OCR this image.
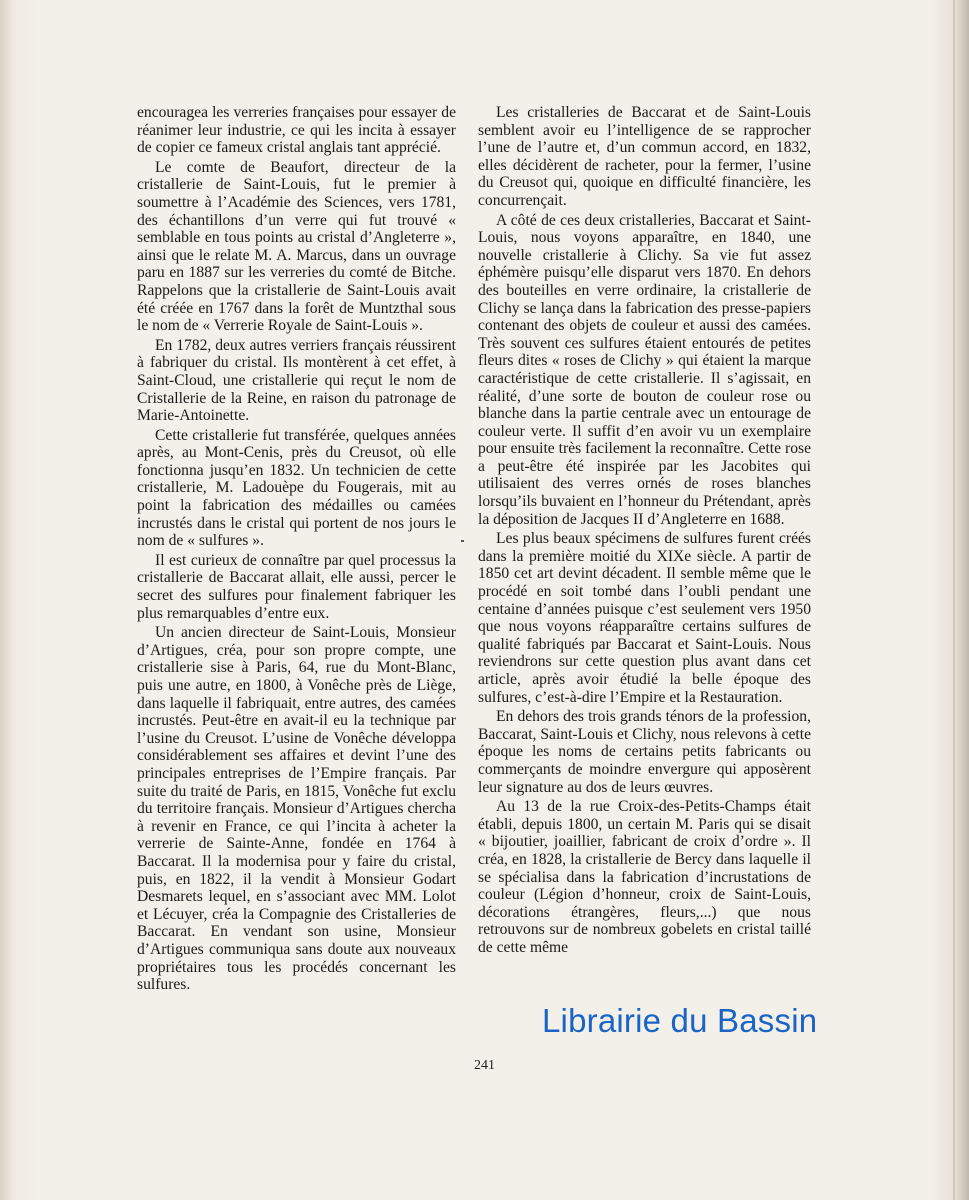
encouragea les verreries françaises pour essayer de réanimer leur industrie, ce qui les incita à essayer de copier ce fameux cristal anglais tant apprécié.

Le comte de Beaufort, directeur de la cristallerie de Saint-Louis, fut le premier à soumettre à l’Académie des Sciences, vers 1781, des échantillons d’un verre qui fut trouvé « semblable en tous points au cristal d’Angleterre », ainsi que le relate M. A. Marcus, dans un ouvrage paru en 1887 sur les verreries du comté de Bitche. Rappelons que la cristallerie de Saint-Louis avait été créée en 1767 dans la forêt de Muntzthal sous le nom de « Verrerie Royale de Saint-Louis ».

En 1782, deux autres verriers français réussirent à fabriquer du cristal. Ils montèrent à cet effet, à Saint-Cloud, une cristallerie qui reçut le nom de Cristallerie de la Reine, en raison du patronage de Marie-Antoinette.

Cette cristallerie fut transférée, quelques années après, au Mont-Cenis, près du Creusot, où elle fonctionna jusqu’en 1832. Un technicien de cette cristallerie, M. Ladouèpe du Fougerais, mit au point la fabrication des médailles ou camées incrustés dans le cristal qui portent de nos jours le nom de « sulfures ».

Il est curieux de connaître par quel processus la cristallerie de Baccarat allait, elle aussi, percer le secret des sulfures pour finalement fabriquer les plus remarquables d’entre eux.

Un ancien directeur de Saint-Louis, Monsieur d’Artigues, créa, pour son propre compte, une cristallerie sise à Paris, 64, rue du Mont-Blanc, puis une autre, en 1800, à Vonêche près de Liège, dans laquelle il fabriquait, entre autres, des camées incrustés. Peut-être en avait-il eu la technique par l’usine du Creusot. L’usine de Vonêche développa considérablement ses affaires et devint l’une des principales entreprises de l’Empire français. Par suite du traité de Paris, en 1815, Vonêche fut exclu du territoire français. Monsieur d’Artigues chercha à revenir en France, ce qui l’incita à acheter la verrerie de Sainte-Anne, fondée en 1764 à Baccarat. Il la modernisa pour y faire du cristal, puis, en 1822, il la vendit à Monsieur Godart Desmarets lequel, en s’associant avec MM. Lolot et Lécuyer, créa la Compagnie des Cristalleries de Baccarat. En vendant son usine, Monsieur d’Artigues communiqua sans doute aux nouveaux propriétaires tous les procédés concernant les sulfures.

Les cristalleries de Baccarat et de Saint-Louis semblent avoir eu l’intelligence de se rapprocher l’une de l’autre et, d’un commun accord, en 1832, elles décidèrent de racheter, pour la fermer, l’usine du Creusot qui, quoique en difficulté financière, les concurrençait.

A côté de ces deux cristalleries, Baccarat et Saint-Louis, nous voyons apparaître, en 1840, une nouvelle cristallerie à Clichy. Sa vie fut assez éphémère puisqu’elle disparut vers 1870. En dehors des bouteilles en verre ordinaire, la cristallerie de Clichy se lança dans la fabrication des presse-papiers contenant des objets de couleur et aussi des camées. Très souvent ces sulfures étaient entourés de petites fleurs dites « roses de Clichy » qui étaient la marque caractéristique de cette cristallerie. Il s’agissait, en réalité, d’une sorte de bouton de couleur rose ou blanche dans la partie centrale avec un entourage de couleur verte. Il suffit d’en avoir vu un exemplaire pour ensuite très facilement la reconnaître. Cette rose a peut-être été inspirée par les Jacobites qui utilisaient des verres ornés de roses blanches lorsqu’ils buvaient en l’honneur du Prétendant, après la déposition de Jacques II d’Angleterre en 1688.

Les plus beaux spécimens de sulfures furent créés dans la première moitié du XIXe siècle. A partir de 1850 cet art devint décadent. Il semble même que le procédé en soit tombé dans l’oubli pendant une centaine d’années puisque c’est seulement vers 1950 que nous voyons réapparaître certains sulfures de qualité fabriqués par Baccarat et Saint-Louis. Nous reviendrons sur cette question plus avant dans cet article, après avoir étudié la belle époque des sulfures, c’est-à-dire l’Empire et la Restauration.

En dehors des trois grands ténors de la profession, Baccarat, Saint-Louis et Clichy, nous relevons à cette époque les noms de certains petits fabricants ou commerçants de moindre envergure qui apposèrent leur signature au dos de leurs œuvres.

Au 13 de la rue Croix-des-Petits-Champs était établi, depuis 1800, un certain M. Paris qui se disait « bijoutier, joaillier, fabricant de croix d’ordre ». Il créa, en 1828, la cristallerie de Bercy dans laquelle il se spécialisa dans la fabrication d’incrustations de couleur (Légion d’honneur, croix de Saint-Louis, décorations étrangères, fleurs,...) que nous retrouvons sur de nombreux gobelets en cristal taillé de cette même

Librairie du Bassin
241
